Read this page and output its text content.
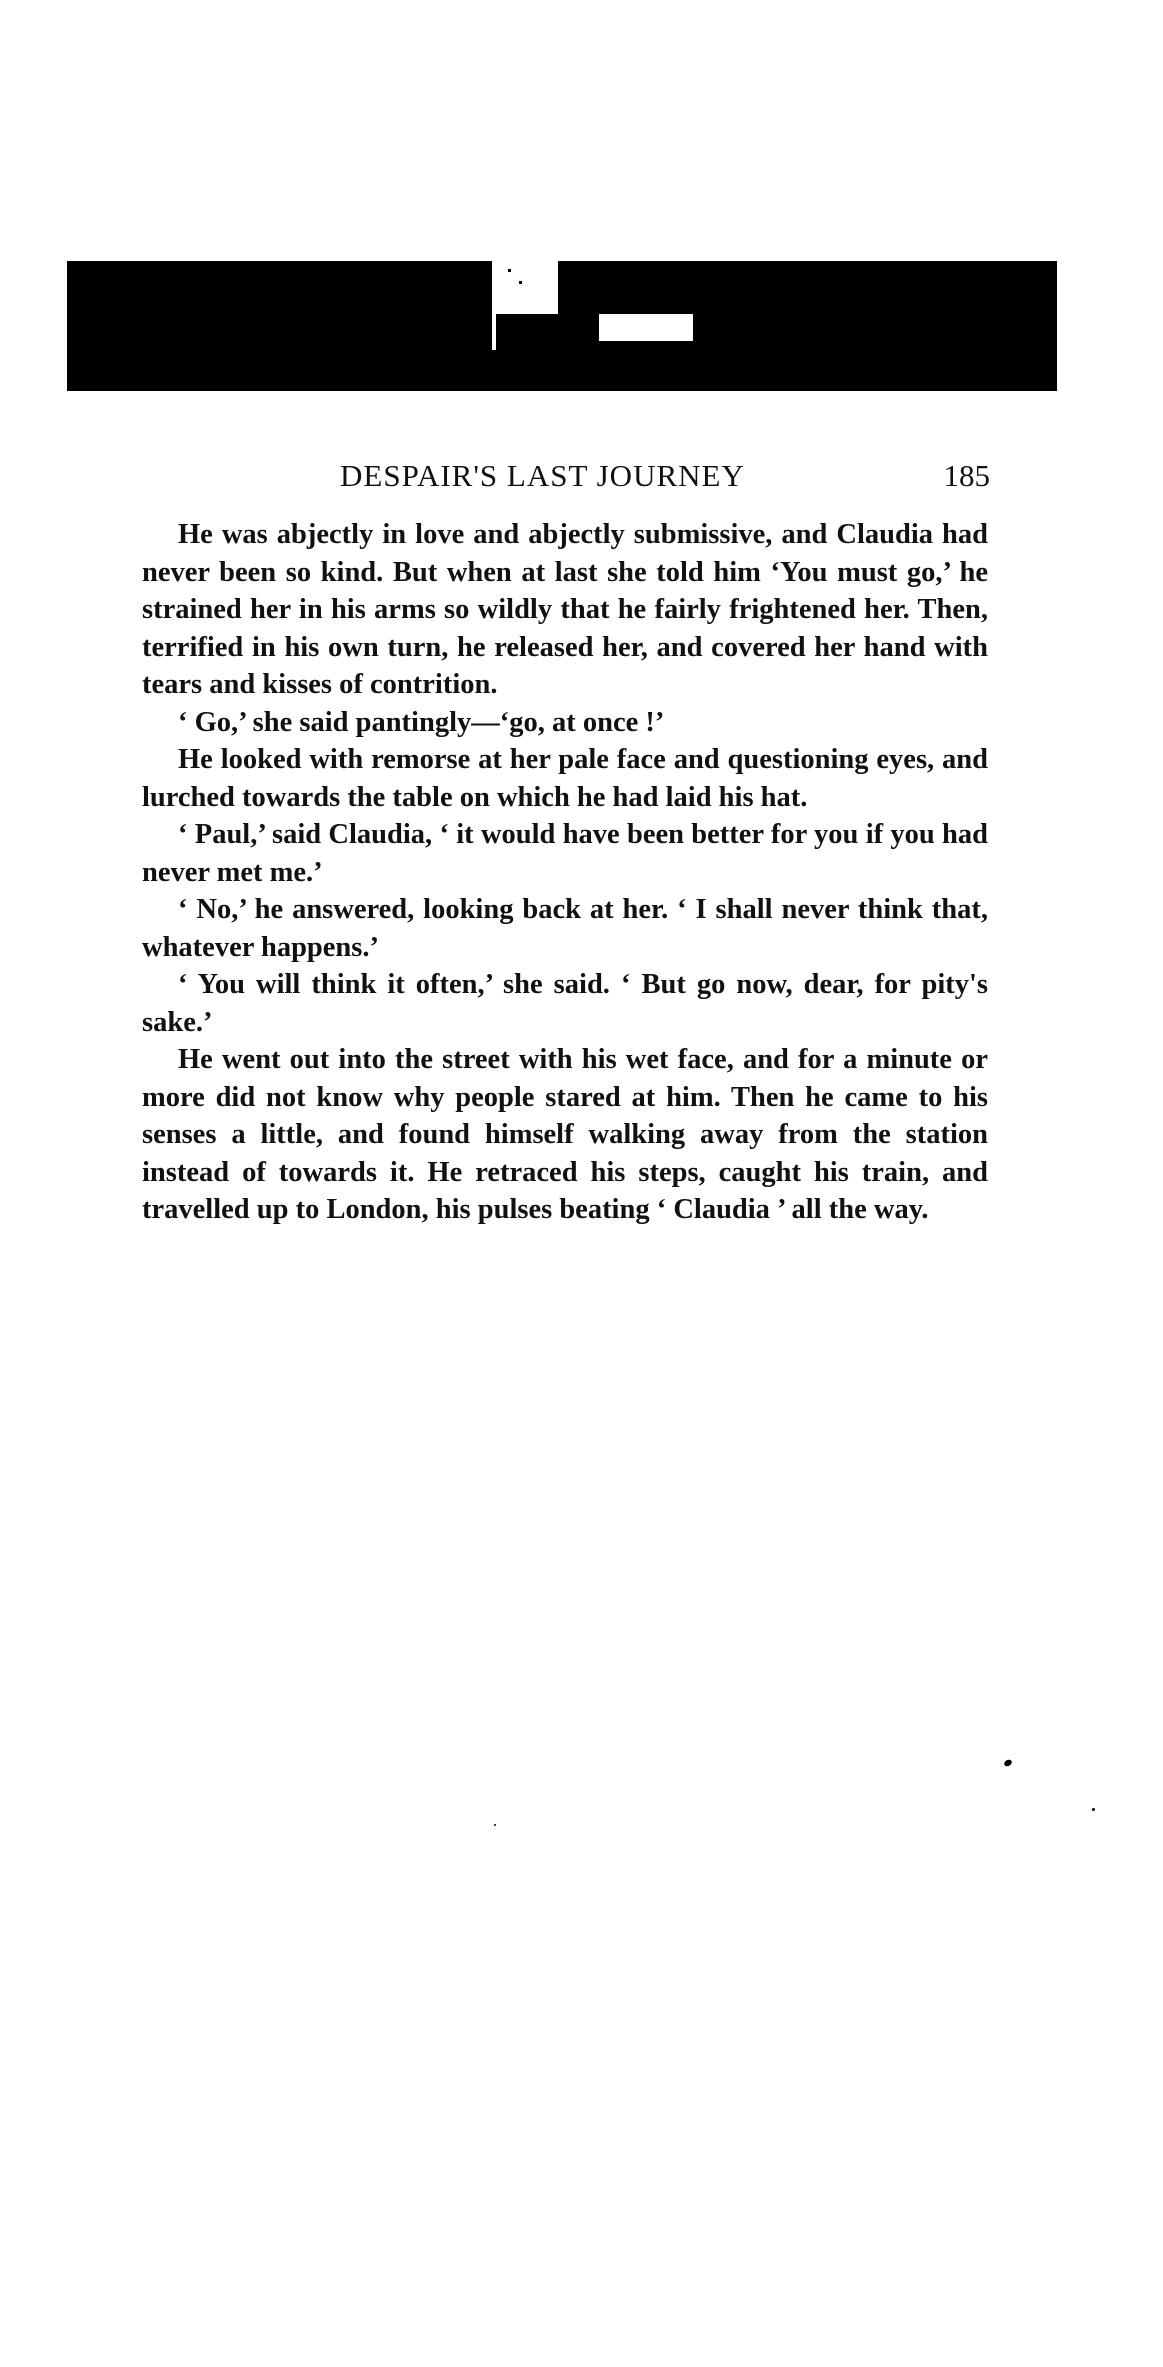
DESPAIR'S LAST JOURNEY	185

He was abjectly in love and abjectly submissive, and Claudia had never been so kind. But when at last she told him ‘You must go,’ he strained her in his arms so wildly that he fairly frightened her. Then, terrified in his own turn, he released her, and covered her hand with tears and kisses of contrition.

‘ Go,’ she said pantingly—‘go, at once !’

He looked with remorse at her pale face and questioning eyes, and lurched towards the table on which he had laid his hat.

‘ Paul,’ said Claudia, ‘ it would have been better for you if you had never met me.’

‘ No,’ he answered, looking back at her. ‘ I shall never think that, whatever happens.’

‘ You will think it often,’ she said. ‘ But go now, dear, for pity's sake.’

He went out into the street with his wet face, and for a minute or more did not know why people stared at him. Then he came to his senses a little, and found himself walking away from the station instead of towards it. He retraced his steps, caught his train, and travelled up to London, his pulses beating ‘ Claudia ’ all the way.
